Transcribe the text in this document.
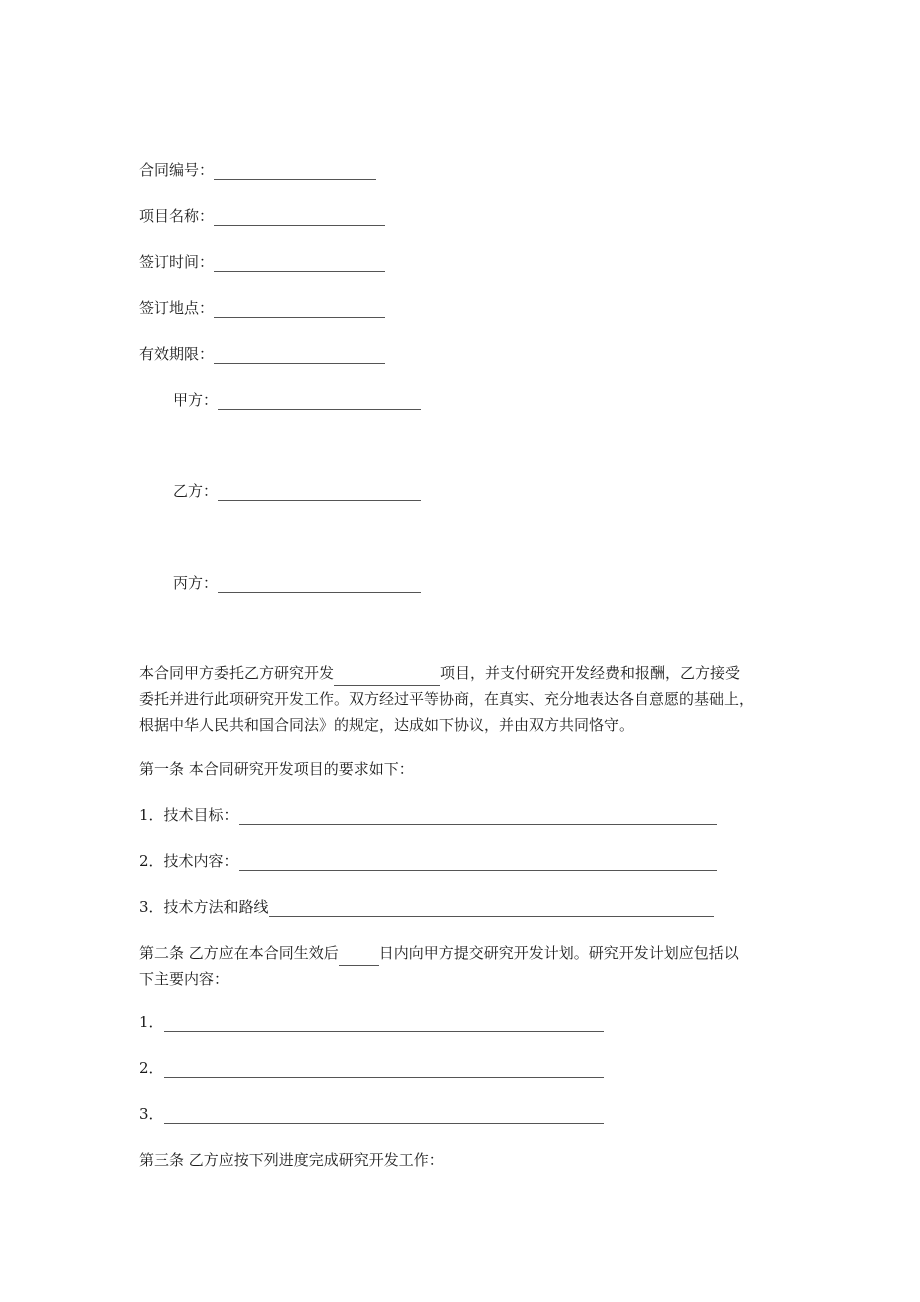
合同编号：
项目名称：
签订时间：
签订地点：
有效期限：
甲方：
乙方：
丙方：
本合同甲方委托乙方研究开发	项目，并支付研究开发经费和报酬，乙方接受
委托并进行此项研究开发工作。双方经过平等协商，在真实、充分地表达各自意愿的基础上，
根据中华人民共和国合同法》的规定，达成如下协议，并由双方共同恪守。
第一条 本合同研究开发项目的要求如下：
1．技术目标：
2．技术内容：
3．技术方法和路线
第二条 乙方应在本合同生效后	日内向甲方提交研究开发计划。研究开发计划应包括以
下主要内容：
1．
2．
3．
第三条 乙方应按下列进度完成研究开发工作：
